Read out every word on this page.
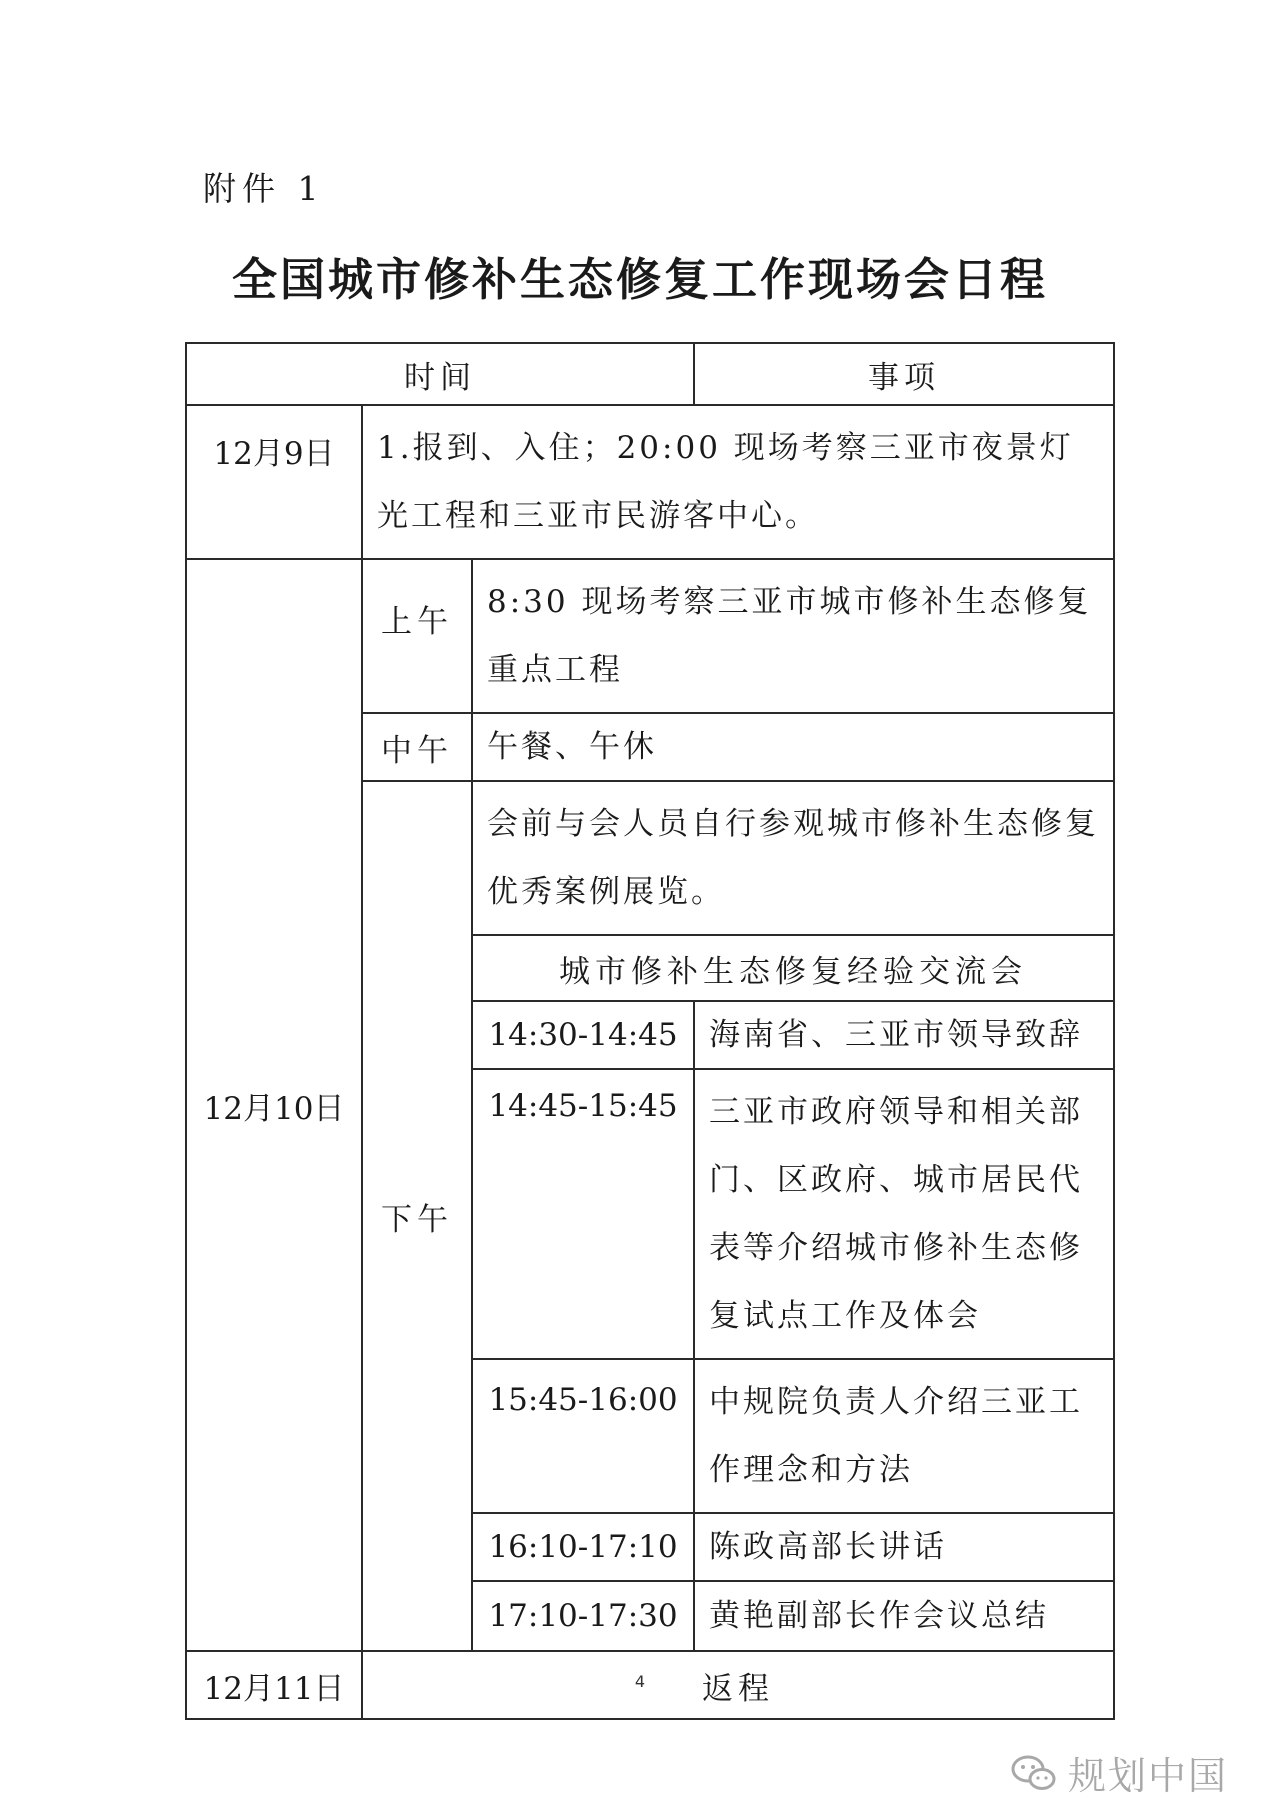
附件 1
全国城市修补生态修复工作现场会日程
时间			事项
12月9日	1.报到、入住；20:00 现场考察三亚市夜景灯光工程和三亚市民游客中心。		
12月10日	上午	8:30 现场考察三亚市城市修补生态修复重点工程	
	中午	午餐、午休	
	下午	会前与会人员自行参观城市修补生态修复优秀案例展览。	
		城市修补生态修复经验交流会	
		14:30-14:45	海南省、三亚市领导致辞
		14:45-15:45	三亚市政府领导和相关部门、区政府、城市居民代表等介绍城市修补生态修复试点工作及体会
		15:45-16:00	中规院负责人介绍三亚工作理念和方法
		16:10-17:10	陈政高部长讲话
		17:10-17:30	黄艳副部长作会议总结
12月11日	返程		
4
规划中国
